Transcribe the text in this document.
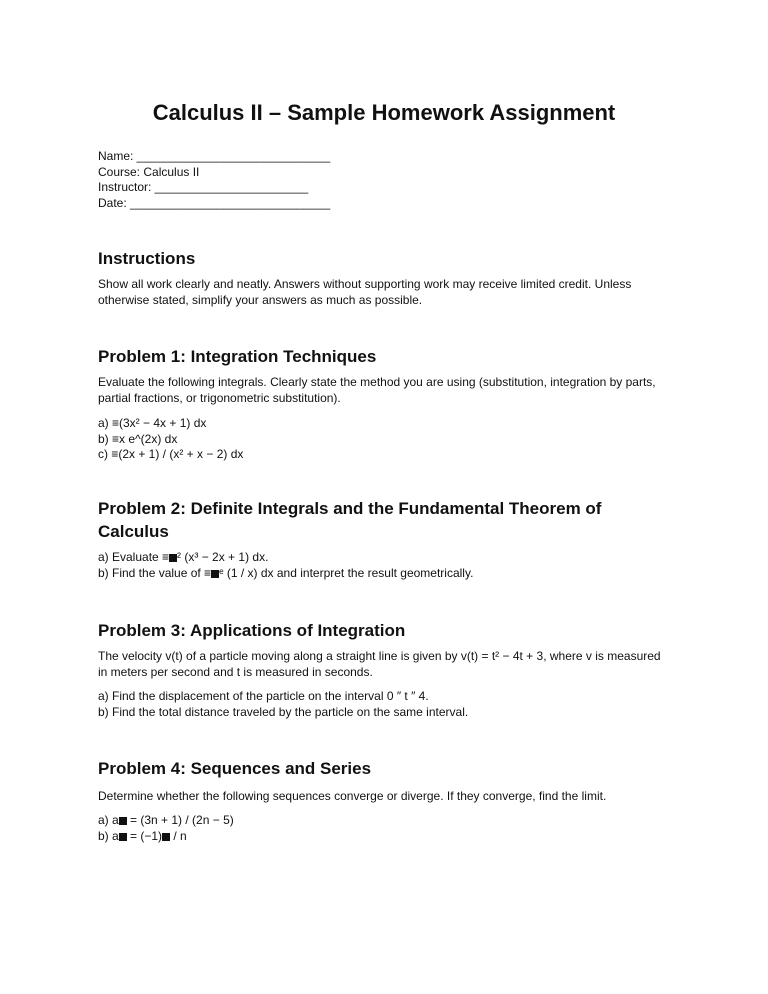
Calculus II – Sample Homework Assignment
Name: _____________________________
Course: Calculus II
Instructor: _______________________
Date: ______________________________
Instructions

Show all work clearly and neatly. Answers without supporting work may receive limited credit. Unless otherwise stated, simplify your answers as much as possible.

Problem 1: Integration Techniques

Evaluate the following integrals. Clearly state the method you are using (substitution, integration by parts, partial fractions, or trigonometric substitution).

a) ≡(3x² − 4x + 1) dx
b) ≡x e^(2x) dx
c) ≡(2x + 1) / (x² + x − 2) dx
Problem 2: Definite Integrals and the Fundamental Theorem of Calculus
a) Evaluate ≡ ² (x³ − 2x + 1) dx.
b) Find the value of ≡ ᵉ (1 / x) dx and interpret the result geometrically.
Problem 3: Applications of Integration

The velocity v(t) of a particle moving along a straight line is given by v(t) = t² − 4t + 3, where v is measured in meters per second and t is measured in seconds.

a) Find the displacement of the particle on the interval 0 ″ t ″ 4.
b) Find the total distance traveled by the particle on the same interval.
Problem 4: Sequences and Series

Determine whether the following sequences converge or diverge. If they converge, find the limit.

a) a = (3n + 1) / (2n − 5)
b) a = (−1) / n
